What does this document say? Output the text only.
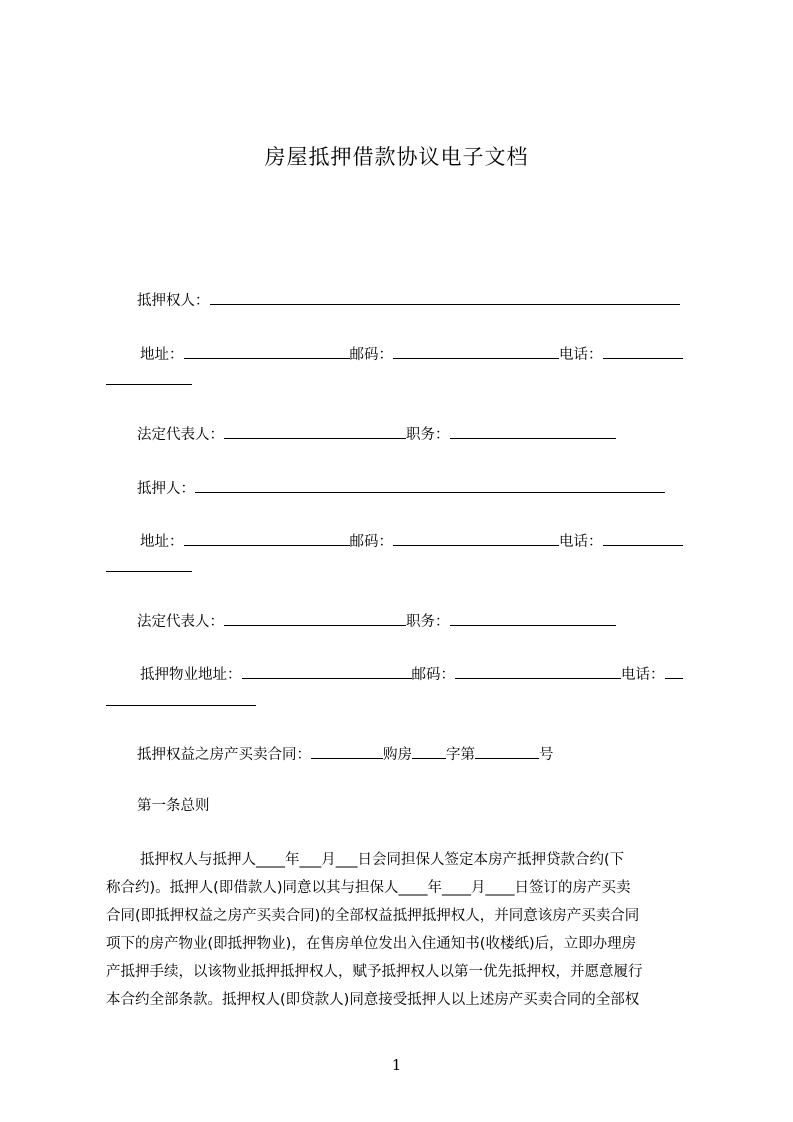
房屋抵押借款协议电子文档
抵押权人：
地址：	邮码：	电话：
法定代表人：	职务：
抵押人：
地址：	邮码：	电话：
法定代表人：	职务：
抵押物业地址：	邮码：	电话：
抵押权益之房产买卖合同：	购房 字第	号
第一条总则
抵押权人与抵押人____年___月___日会同担保人签定本房产抵押贷款合约(下
称合约)。抵押人(即借款人)同意以其与担保人____年____月____日签订的房产买卖
合同(即抵押权益之房产买卖合同)的全部权益抵押抵押权人，并同意该房产买卖合同
项下的房产物业(即抵押物业)，在售房单位发出入住通知书(收楼纸)后，立即办理房
产抵押手续，以该物业抵押抵押权人，赋予抵押权人以第一优先抵押权，并愿意履行
本合约全部条款。抵押权人(即贷款人)同意接受抵押人以上述房产买卖合同的全部权
1
